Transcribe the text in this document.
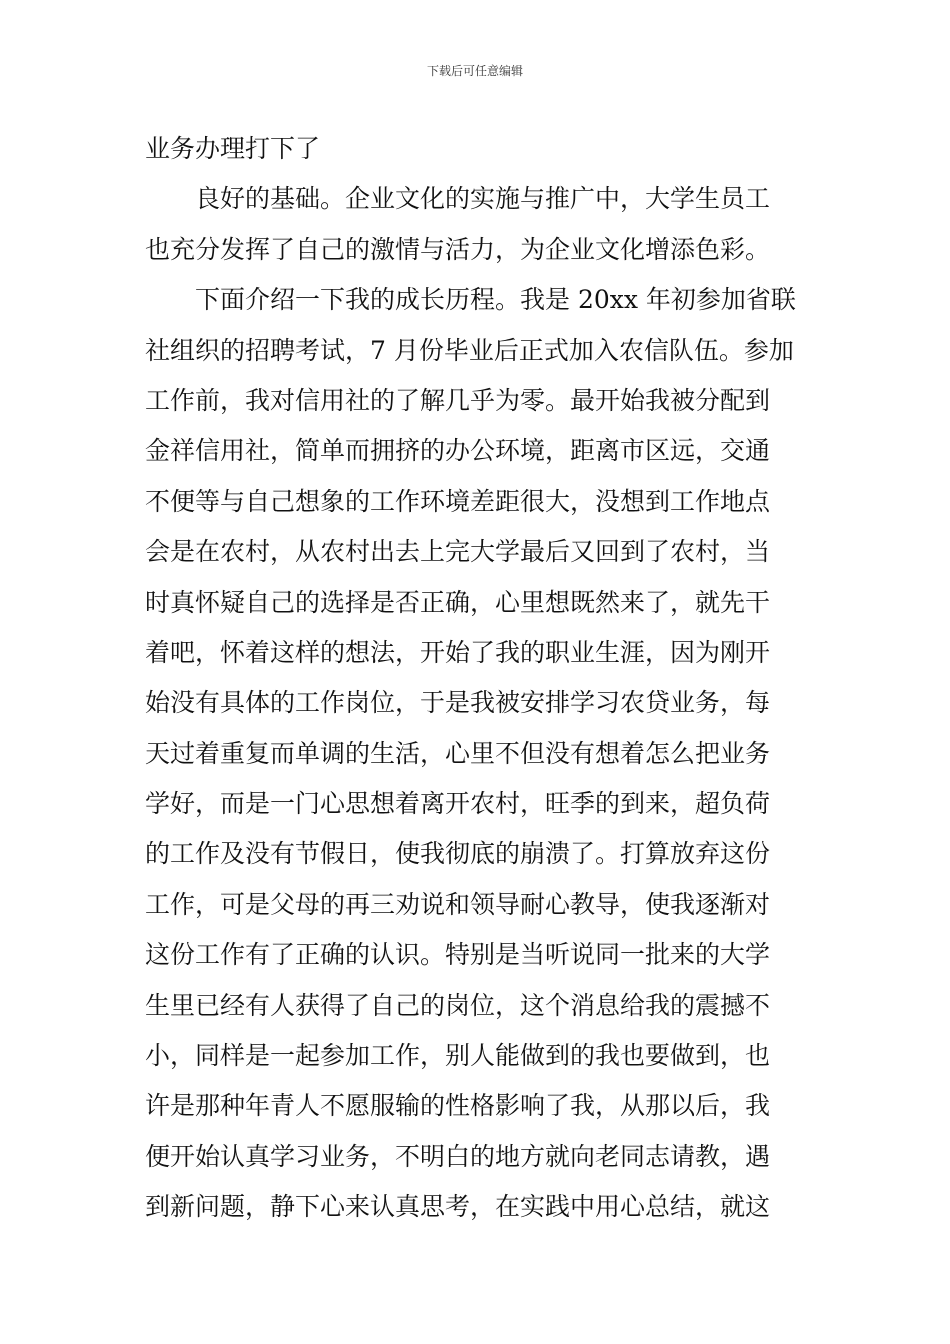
下载后可任意编辑
业务办理打下了
　　良好的基础。企业文化的实施与推广中，大学生员工
也充分发挥了自己的激情与活力，为企业文化增添色彩。
　　下面介绍一下我的成长历程。我是 20xx 年初参加省联
社组织的招聘考试，7 月份毕业后正式加入农信队伍。参加
工作前，我对信用社的了解几乎为零。最开始我被分配到
金祥信用社，简单而拥挤的办公环境，距离市区远，交通
不便等与自己想象的工作环境差距很大，没想到工作地点
会是在农村，从农村出去上完大学最后又回到了农村，当
时真怀疑自己的选择是否正确，心里想既然来了，就先干
着吧，怀着这样的想法，开始了我的职业生涯，因为刚开
始没有具体的工作岗位，于是我被安排学习农贷业务，每
天过着重复而单调的生活，心里不但没有想着怎么把业务
学好，而是一门心思想着离开农村，旺季的到来，超负荷
的工作及没有节假日，使我彻底的崩溃了。打算放弃这份
工作，可是父母的再三劝说和领导耐心教导，使我逐渐对
这份工作有了正确的认识。特别是当听说同一批来的大学
生里已经有人获得了自己的岗位，这个消息给我的震撼不
小，同样是一起参加工作，别人能做到的我也要做到，也
许是那种年青人不愿服输的性格影响了我，从那以后，我
便开始认真学习业务，不明白的地方就向老同志请教，遇
到新问题，静下心来认真思考，在实践中用心总结，就这
